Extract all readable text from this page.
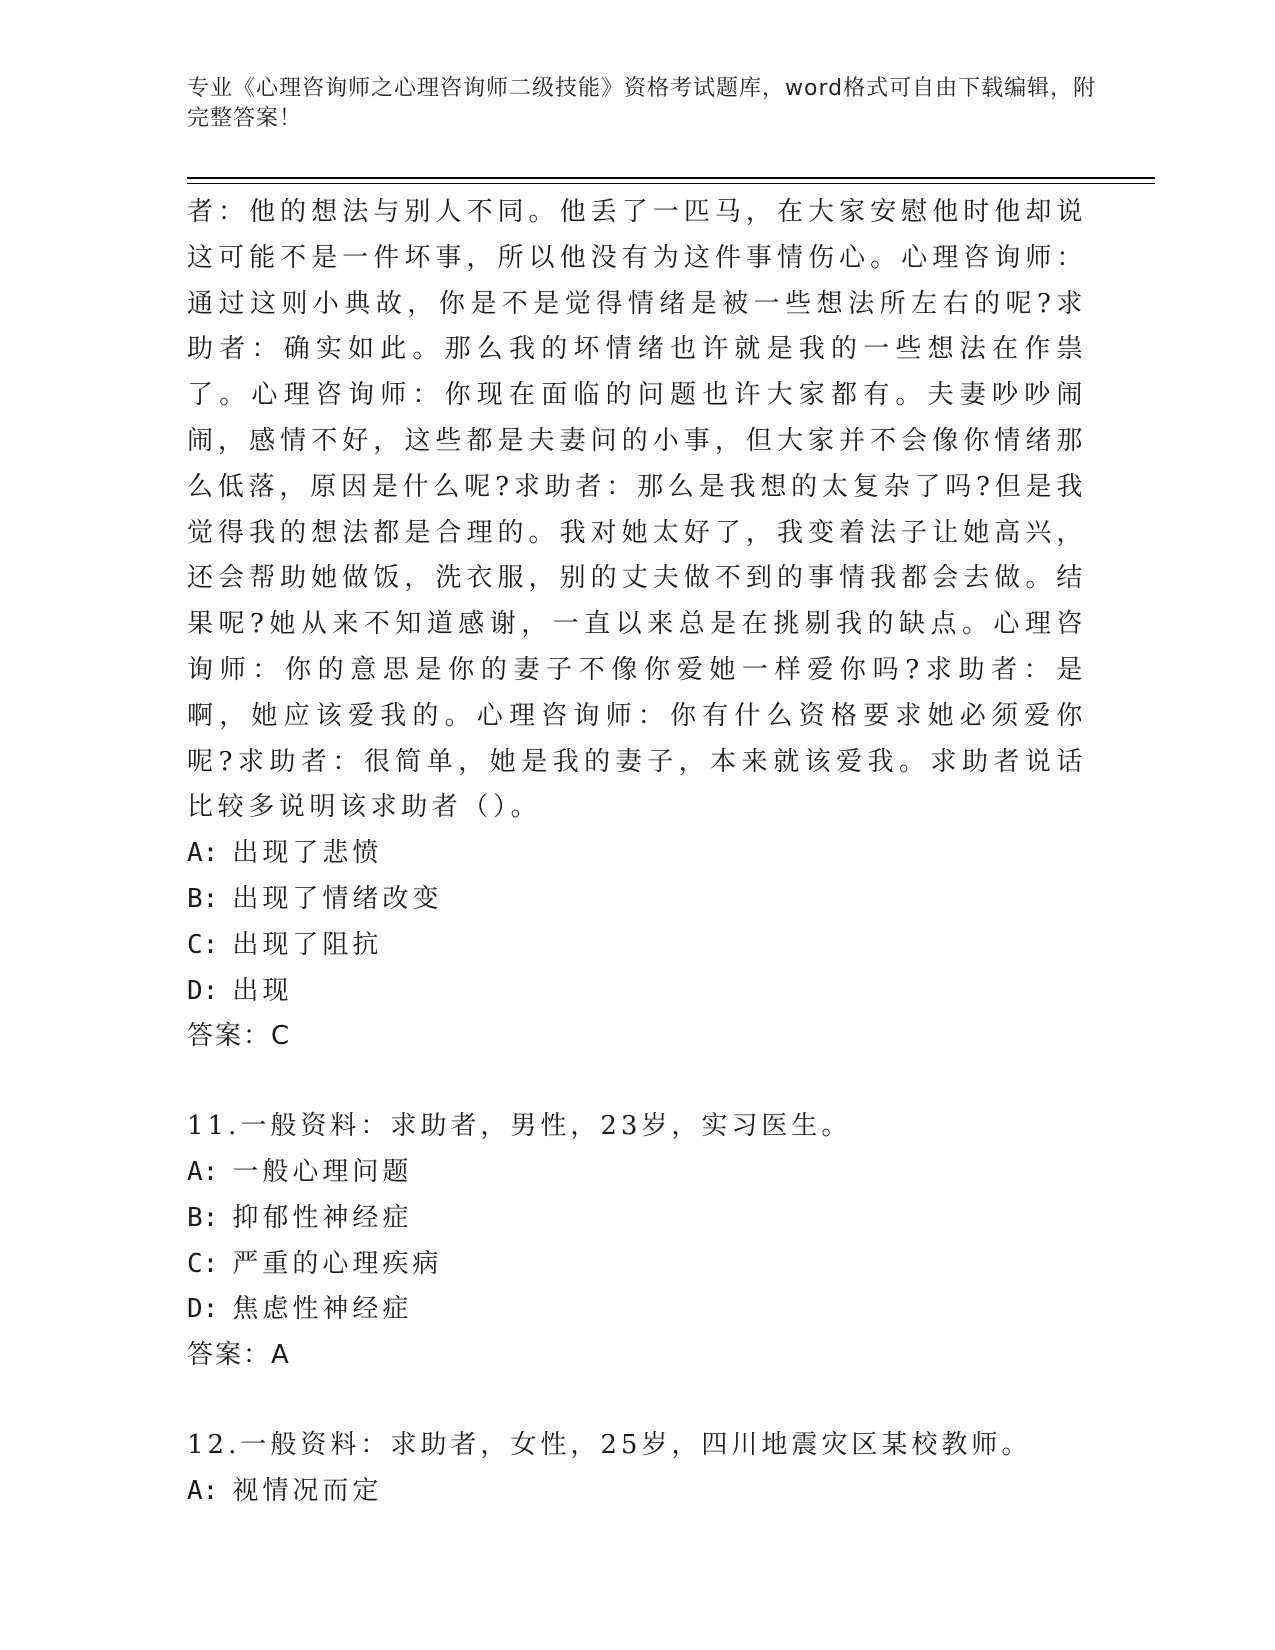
专业《心理咨询师之心理咨询师二级技能》资格考试题库，word格式可自由下载编辑，附完整答案！

者：他的想法与别人不同。他丢了一匹马，在大家安慰他时他却说这可能不是一件坏事，所以他没有为这件事情伤心。心理咨询师：通过这则小典故，你是不是觉得情绪是被一些想法所左右的呢?求助者：确实如此。那么我的坏情绪也许就是我的一些想法在作祟了。心理咨询师：你现在面临的问题也许大家都有。夫妻吵吵闹闹，感情不好，这些都是夫妻问的小事，但大家并不会像你情绪那么低落，原因是什么呢?求助者：那么是我想的太复杂了吗?但是我觉得我的想法都是合理的。我对她太好了，我变着法子让她高兴，还会帮助她做饭，洗衣服，别的丈夫做不到的事情我都会去做。结果呢?她从来不知道感谢，一直以来总是在挑剔我的缺点。心理咨询师：你的意思是你的妻子不像你爱她一样爱你吗?求助者：是啊，她应该爱我的。心理咨询师：你有什么资格要求她必须爱你呢?求助者：很简单，她是我的妻子，本来就该爱我。求助者说话比较多说明该求助者（）。

A: 出现了悲愤

B: 出现了情绪改变

C: 出现了阻抗

D: 出现

答案：C

11.一般资料：求助者，男性，23岁，实习医生。

A: 一般心理问题

B: 抑郁性神经症

C: 严重的心理疾病

D: 焦虑性神经症

答案：A

12.一般资料：求助者，女性，25岁，四川地震灾区某校教师。

A: 视情况而定
